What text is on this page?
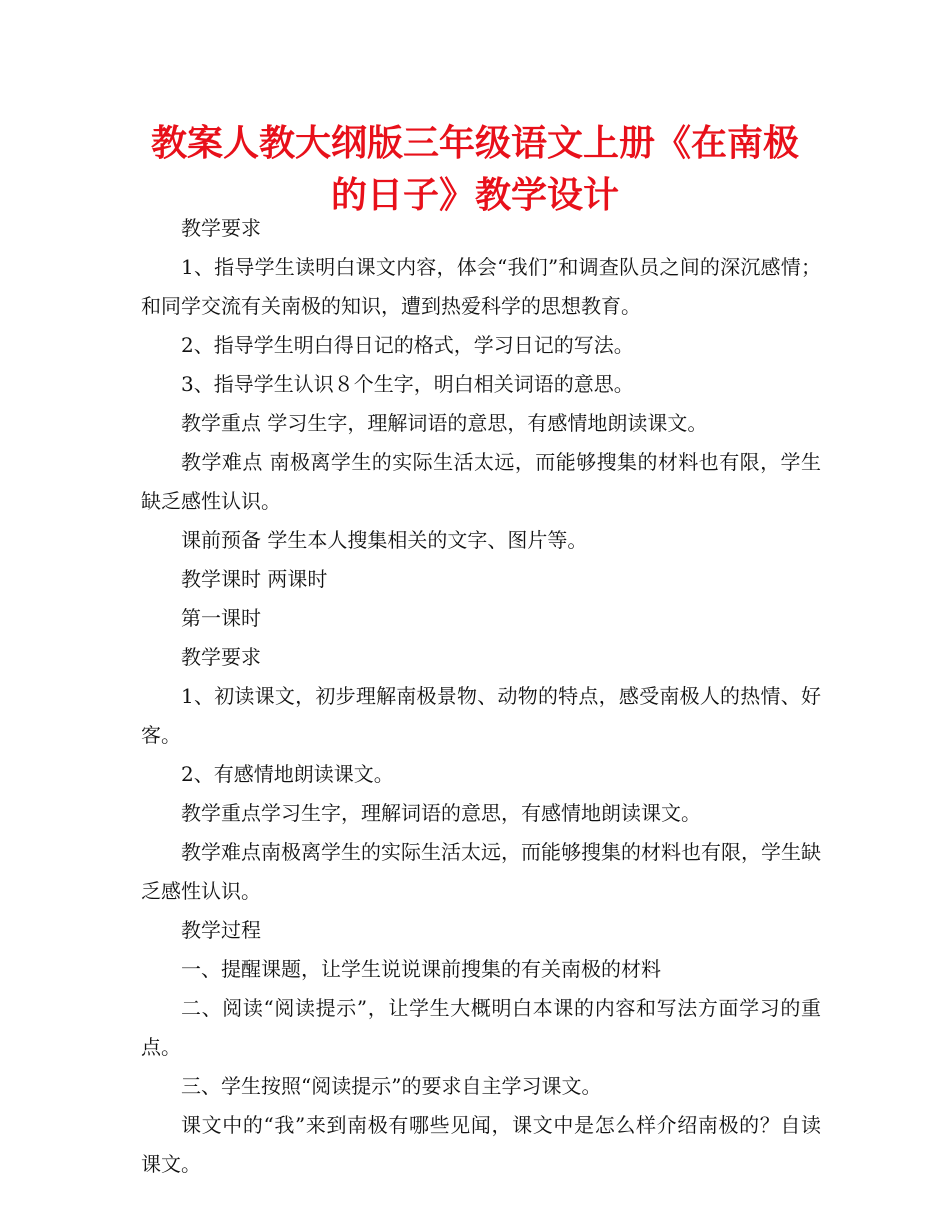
教案人教大纲版三年级语文上册《在南极
的日子》教学设计

教学要求

1、指导学生读明白课文内容，体会“我们”和调查队员之间的深沉感情；和同学交流有关南极的知识，遭到热爱科学的思想教育。

2、指导学生明白得日记的格式，学习日记的写法。

3、指导学生认识８个生字，明白相关词语的意思。

教学重点 学习生字，理解词语的意思，有感情地朗读课文。

教学难点 南极离学生的实际生活太远，而能够搜集的材料也有限，学生缺乏感性认识。

课前预备 学生本人搜集相关的文字、图片等。

教学课时 两课时

第一课时

教学要求

1、初读课文，初步理解南极景物、动物的特点，感受南极人的热情、好客。

2、有感情地朗读课文。

教学重点学习生字，理解词语的意思，有感情地朗读课文。

教学难点南极离学生的实际生活太远，而能够搜集的材料也有限，学生缺乏感性认识。

教学过程

一、提醒课题，让学生说说课前搜集的有关南极的材料

二、阅读“阅读提示”，让学生大概明白本课的内容和写法方面学习的重点。

三、学生按照“阅读提示”的要求自主学习课文。

课文中的“我”来到南极有哪些见闻，课文中是怎么样介绍南极的？自读课文。
